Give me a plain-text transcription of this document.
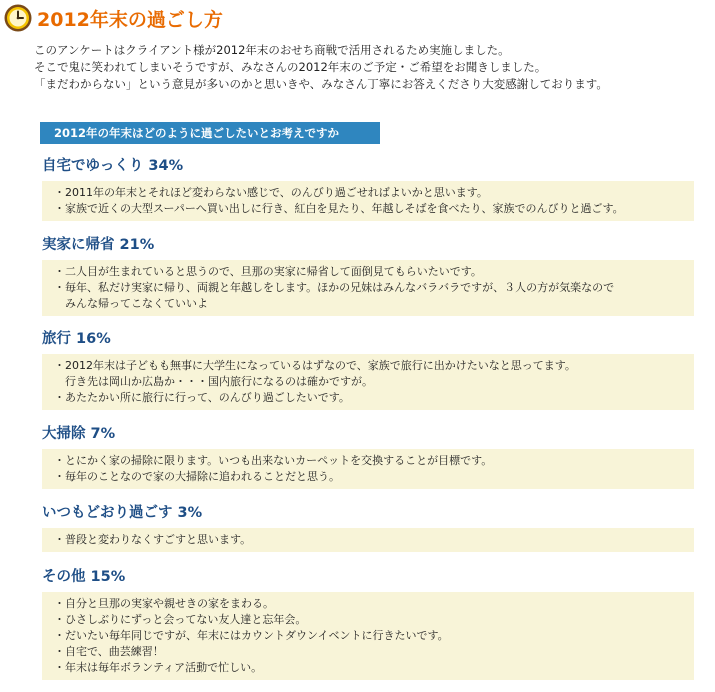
2012年末の過ごし方

このアンケートはクライアント様が2012年末のおせち商戦で活用されるため実施しました。

そこで鬼に笑われてしまいそうですが、みなさんの2012年末のご予定・ご希望をお聞きしました。

「まだわからない」という意見が多いのかと思いきや、みなさん丁寧にお答えくださり大変感謝しております。

2012年の年末はどのように過ごしたいとお考えですか
自宅でゆっくり 34%

・2011年の年末とそれほど変わらない感じで、のんびり過ごせればよいかと思います。

・家族で近くの大型スーパーへ買い出しに行き、紅白を見たり、年越しそばを食べたり、家族でのんびりと過ごす。

実家に帰省 21%

・二人目が生まれていると思うので、旦那の実家に帰省して面倒見てもらいたいです。

・毎年、私だけ実家に帰り、両親と年越しをします。ほかの兄妹はみんなバラバラですが、３人の方が気楽なので

　みんな帰ってこなくていいよ

旅行 16%

・2012年末は子どもも無事に大学生になっているはずなので、家族で旅行に出かけたいなと思ってます。

　行き先は岡山か広島か・・・国内旅行になるのは確かですが。

・あたたかい所に旅行に行って、のんびり過ごしたいです。

大掃除 7%

・とにかく家の掃除に限ります。いつも出来ないカーペットを交換することが目標です。

・毎年のことなので家の大掃除に追われることだと思う。

いつもどおり過ごす 3%

・普段と変わりなくすごすと思います。

その他 15%

・自分と旦那の実家や親せきの家をまわる。

・ひさしぶりにずっと会ってない友人達と忘年会。

・だいたい毎年同じですが、年末にはカウントダウンイベントに行きたいです。

・自宅で、曲芸練習！

・年末は毎年ボランティア活動で忙しい。
